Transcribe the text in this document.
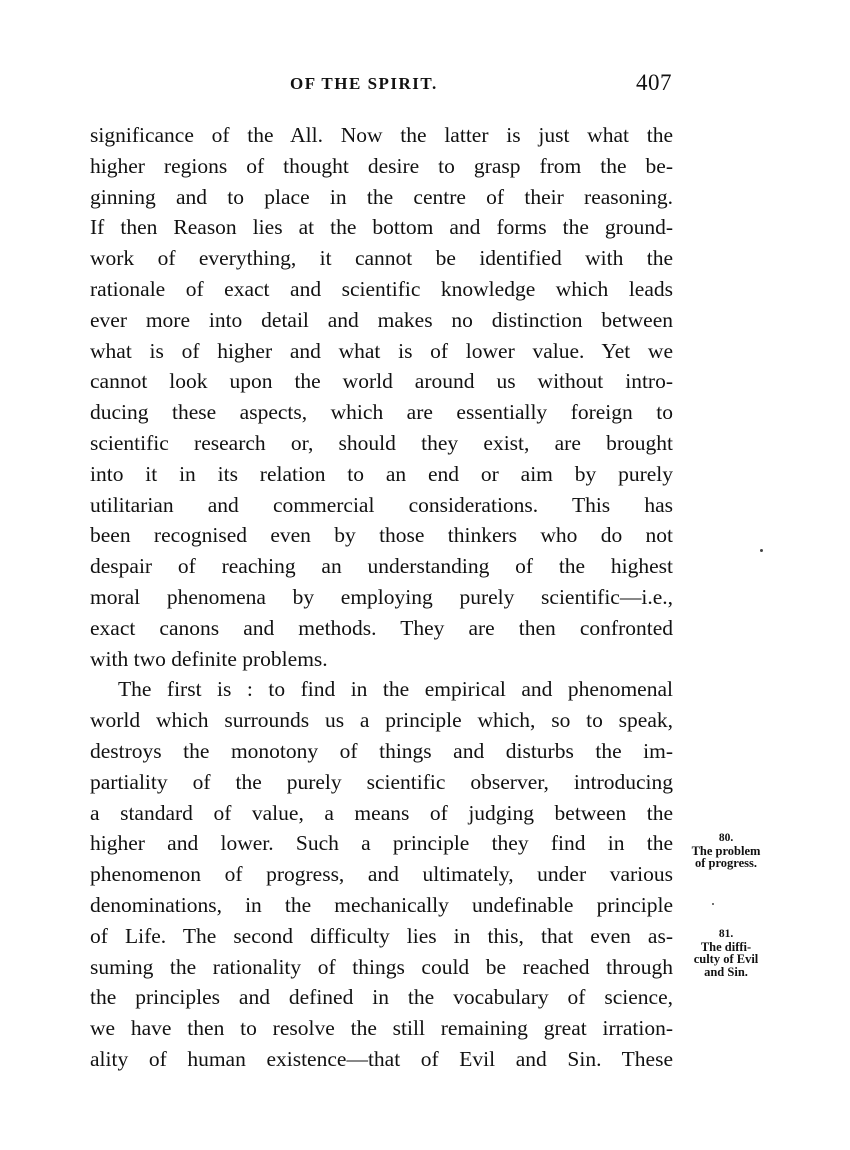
OF THE SPIRIT.	407
significance of the All. Now the latter is just what the
higher regions of thought desire to grasp from the be-
ginning and to place in the centre of their reasoning.
If then Reason lies at the bottom and forms the ground-
work of everything, it cannot be identified with the
rationale of exact and scientific knowledge which leads
ever more into detail and makes no distinction between
what is of higher and what is of lower value. Yet we
cannot look upon the world around us without intro-
ducing these aspects, which are essentially foreign to
scientific research or, should they exist, are brought
into it in its relation to an end or aim by purely
utilitarian and commercial considerations. This has
been recognised even by those thinkers who do not
despair of reaching an understanding of the highest
moral phenomena by employing purely scientific—i.e.,
exact canons and methods. They are then confronted
with two definite problems.
The first is : to find in the empirical and phenomenal
world which surrounds us a principle which, so to speak,
destroys the monotony of things and disturbs the im-
partiality of the purely scientific observer, introducing
a standard of value, a means of judging between the
higher and lower. Such a principle they find in the
phenomenon of progress, and ultimately, under various
denominations, in the mechanically undefinable principle
of Life. The second difficulty lies in this, that even as-
suming the rationality of things could be reached through
the principles and defined in the vocabulary of science,
we have then to resolve the still remaining great irration-
ality of human existence—that of Evil and Sin. These
80.
The problem
of progress.
81.
The diffi-
culty of Evil
and Sin.
